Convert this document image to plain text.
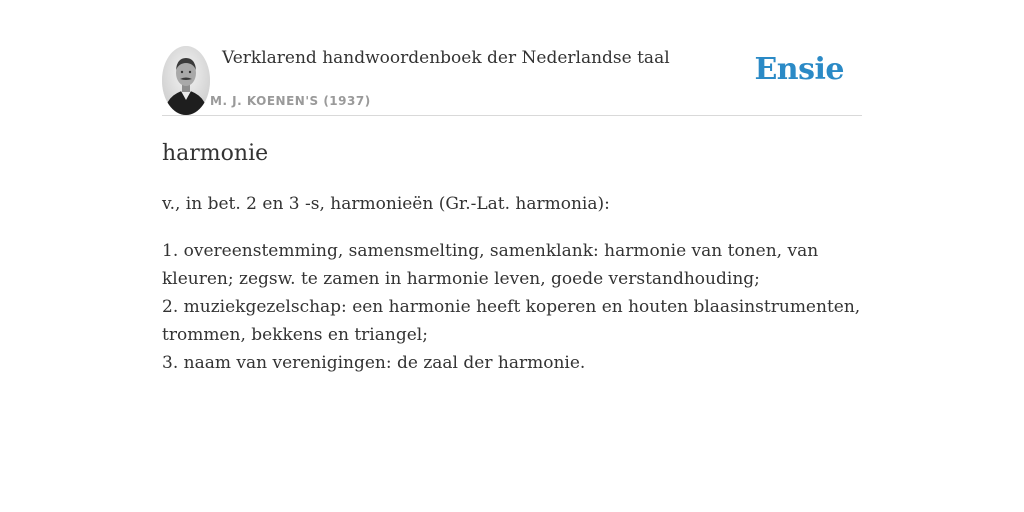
Verklarend handwoordenboek der Nederlandse taal
M. J. KOENEN'S (1937)
Ensie
harmonie

v., in bet. 2 en 3 -s, harmonieën (Gr.-Lat. harmonia):

1. overeenstemming, samensmelting, samenklank: harmonie van tonen, van kleuren; zegsw. te zamen in harmonie leven, goede verstandhouding;
2. muziekgezelschap: een harmonie heeft koperen en houten blaasinstrumenten, trommen, bekkens en triangel;
3. naam van verenigingen: de zaal der harmonie.
